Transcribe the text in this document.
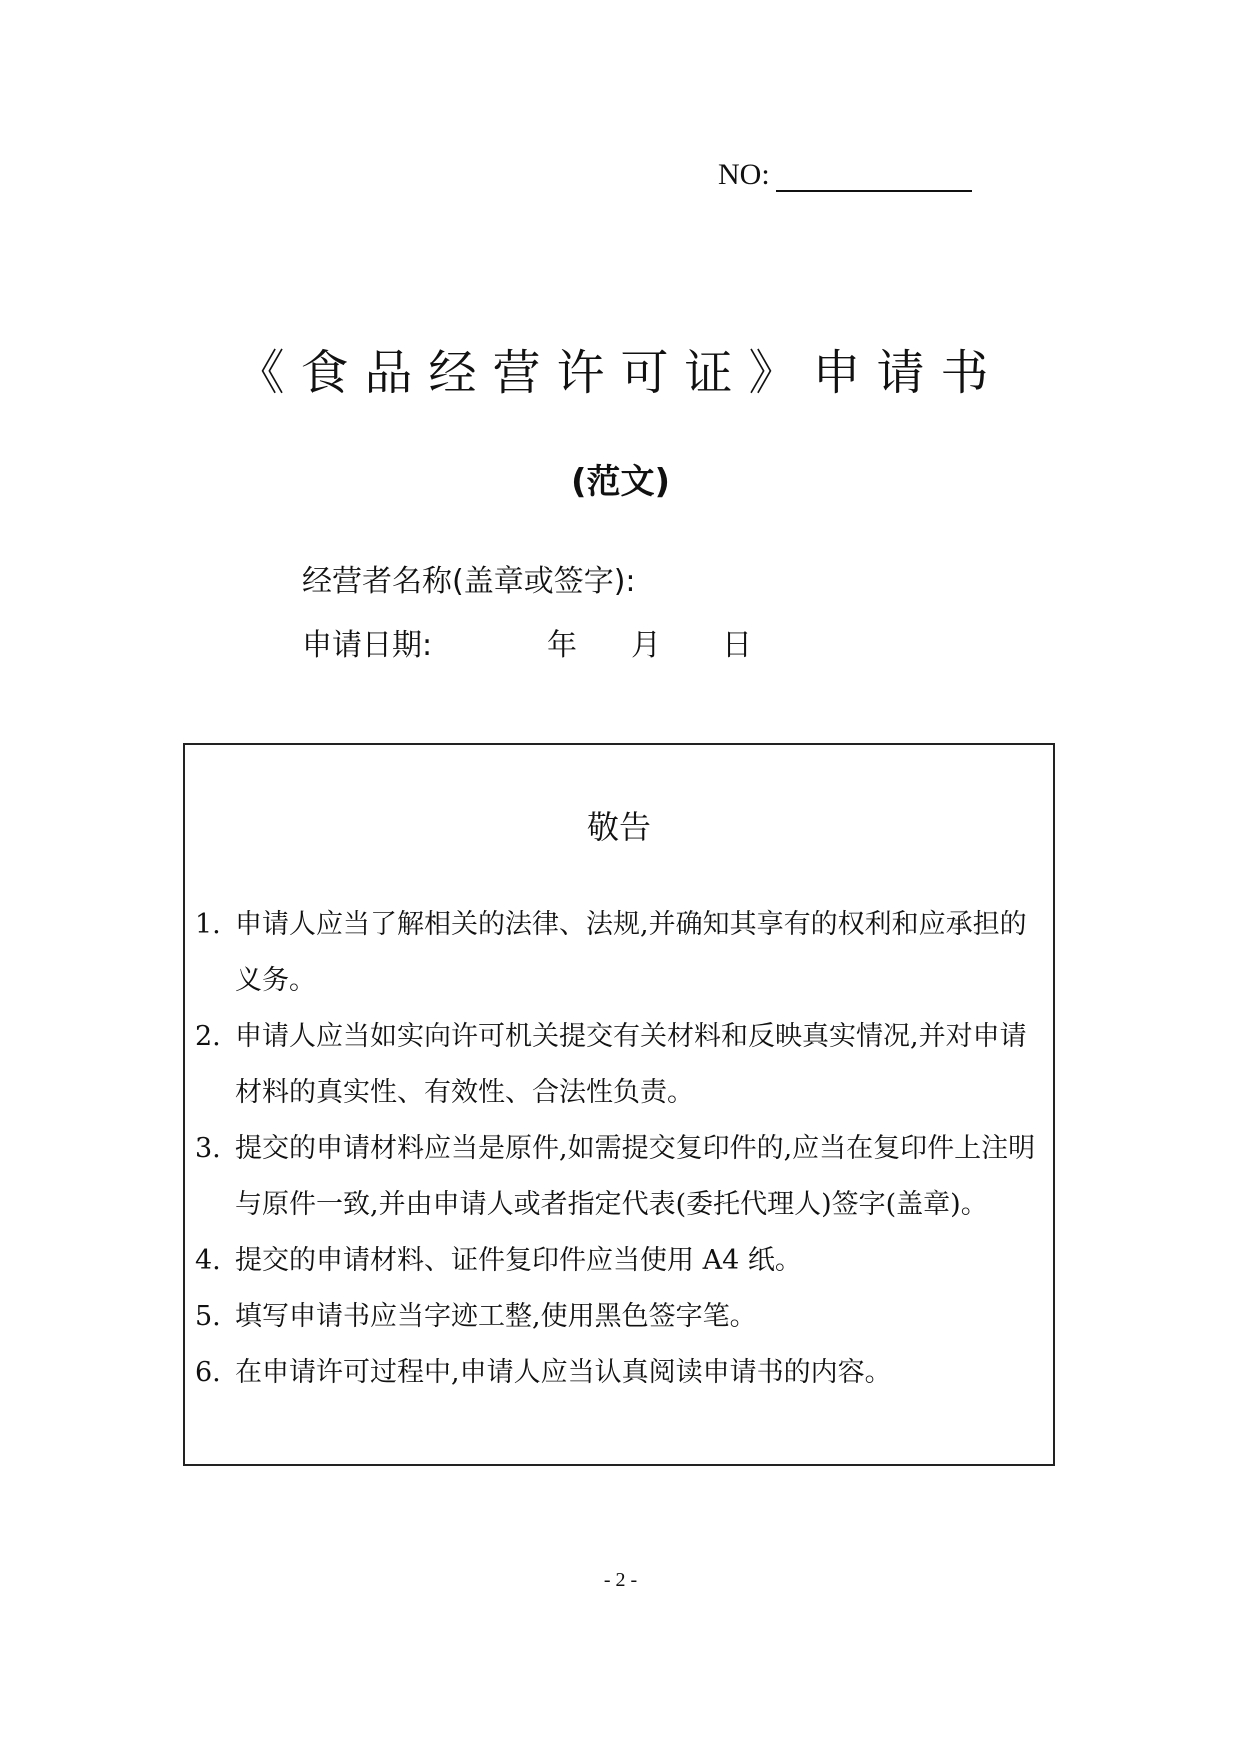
NO:
《食品经营许可证》申请书
(范文)
经营者名称(盖章或签字):
申请日期:	年 月 日
敬告
1. 申请人应当了解相关的法律、法规,并确知其享有的权利和应承担的义务。
2. 申请人应当如实向许可机关提交有关材料和反映真实情况,并对申请材料的真实性、有效性、合法性负责。
3. 提交的申请材料应当是原件,如需提交复印件的,应当在复印件上注明与原件一致,并由申请人或者指定代表(委托代理人)签字(盖章)。
4. 提交的申请材料、证件复印件应当使用 A4 纸。
5. 填写申请书应当字迹工整,使用黑色签字笔。
6. 在申请许可过程中,申请人应当认真阅读申请书的内容。
- 2 -
